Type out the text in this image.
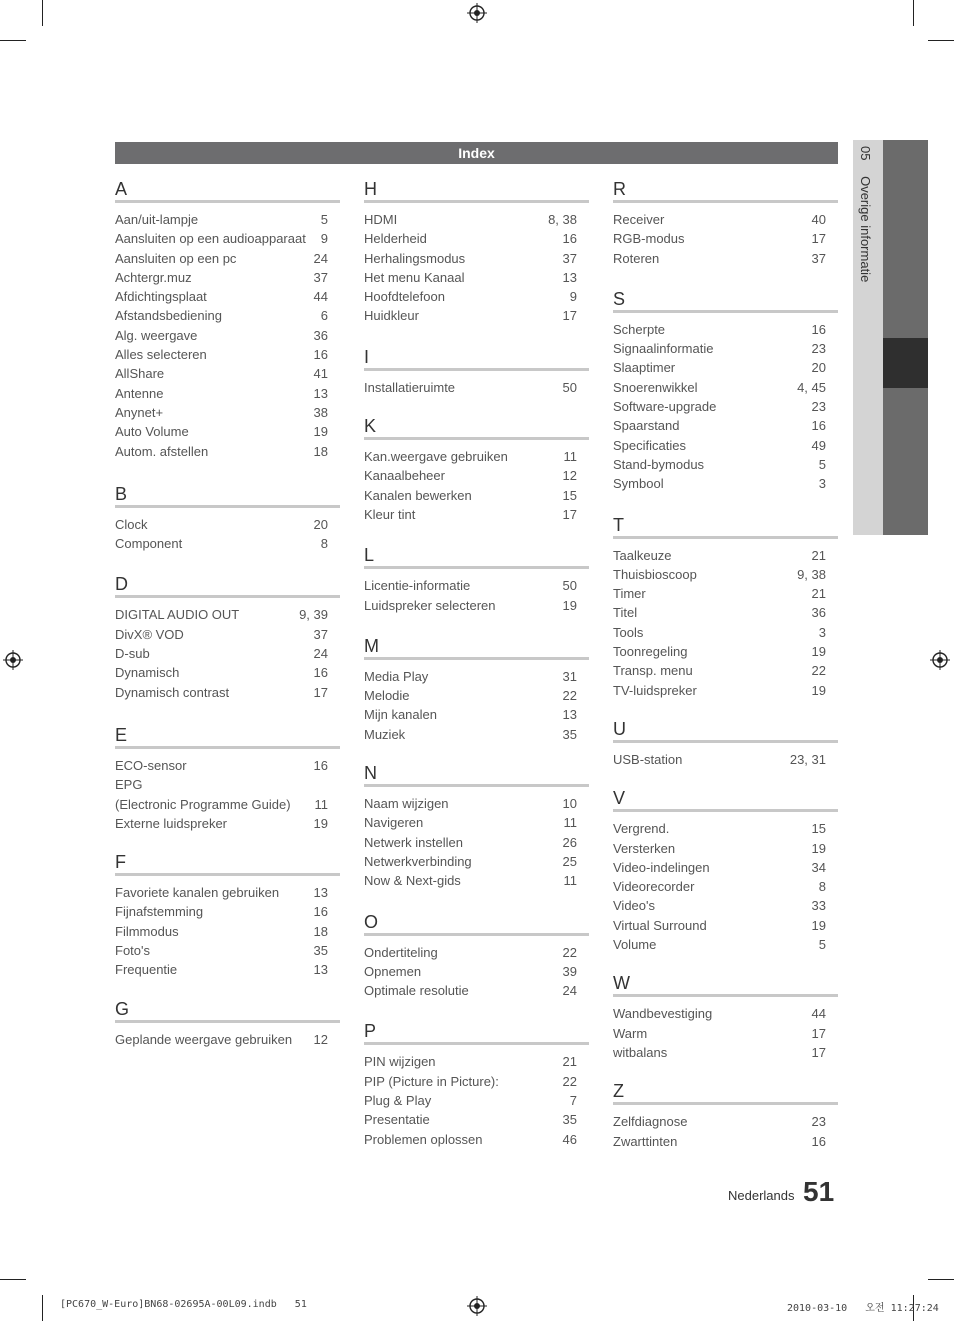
05 Overige informatie
Index
A
Aan/uit-lampje	5
Aansluiten op een audioapparaat 9
Aansluiten op een pc	24
Achtergr.muz	37
Afdichtingsplaat	44
Afstandsbediening	6
Alg. weergave	36
Alles selecteren	16
AllShare	41
Antenne	13
Anynet+	38
Auto Volume	19
Autom. afstellen	18
B
Clock	20
Component	8
D
DIGITAL AUDIO OUT	9, 39
DivX® VOD	37
D-sub	24
Dynamisch	16
Dynamisch contrast	17
E
ECO-sensor	16
EPG
(Electronic Programme Guide) 11
Externe luidspreker	19
F
Favoriete kanalen gebruiken	13
Fijnafstemming	16
Filmmodus	18
Foto's	35
Frequentie	13
G
Geplande weergave gebruiken 12
H
HDMI	8, 38
Helderheid	16
Herhalingsmodus	37
Het menu Kanaal	13
Hoofdtelefoon	9
Huidkleur	17
I
Installatieruimte	50
K
Kan.weergave gebruiken	11
Kanaalbeheer	12
Kanalen bewerken	15
Kleur tint	17
L
Licentie-informatie	50
Luidspreker selecteren	19
M
Media Play	31
Melodie	22
Mijn kanalen	13
Muziek	35
N
Naam wijzigen	10
Navigeren	11
Netwerk instellen	26
Netwerkverbinding	25
Now & Next-gids	11
O
Ondertiteling	22
Opnemen	39
Optimale resolutie	24
P
PIN wijzigen	21
PIP (Picture in Picture):	22
Plug & Play	7
Presentatie	35
Problemen oplossen	46
R
Receiver	40
RGB-modus	17
Roteren	37
S
Scherpte	16
Signaalinformatie	23
Slaaptimer	20
Snoerenwikkel	4, 45
Software-upgrade	23
Spaarstand	16
Specificaties	49
Stand-bymodus	5
Symbool	3
T
Taalkeuze	21
Thuisbioscoop	9, 38
Timer	21
Titel	36
Tools	3
Toonregeling	19
Transp. menu	22
TV-luidspreker	19
U
USB-station	23, 31
V
Vergrend.	15
Versterken	19
Video-indelingen	34
Videorecorder	8
Video's	33
Virtual Surround	19
Volume	5
W
Wandbevestiging	44
Warm	17
witbalans	17
Z
Zelfdiagnose	23
Zwarttinten	16
Nederlands 51
[PC670_W-Euro]BN68-02695A-00L09.indb   51	2010-03-10   오전 11:27:24
